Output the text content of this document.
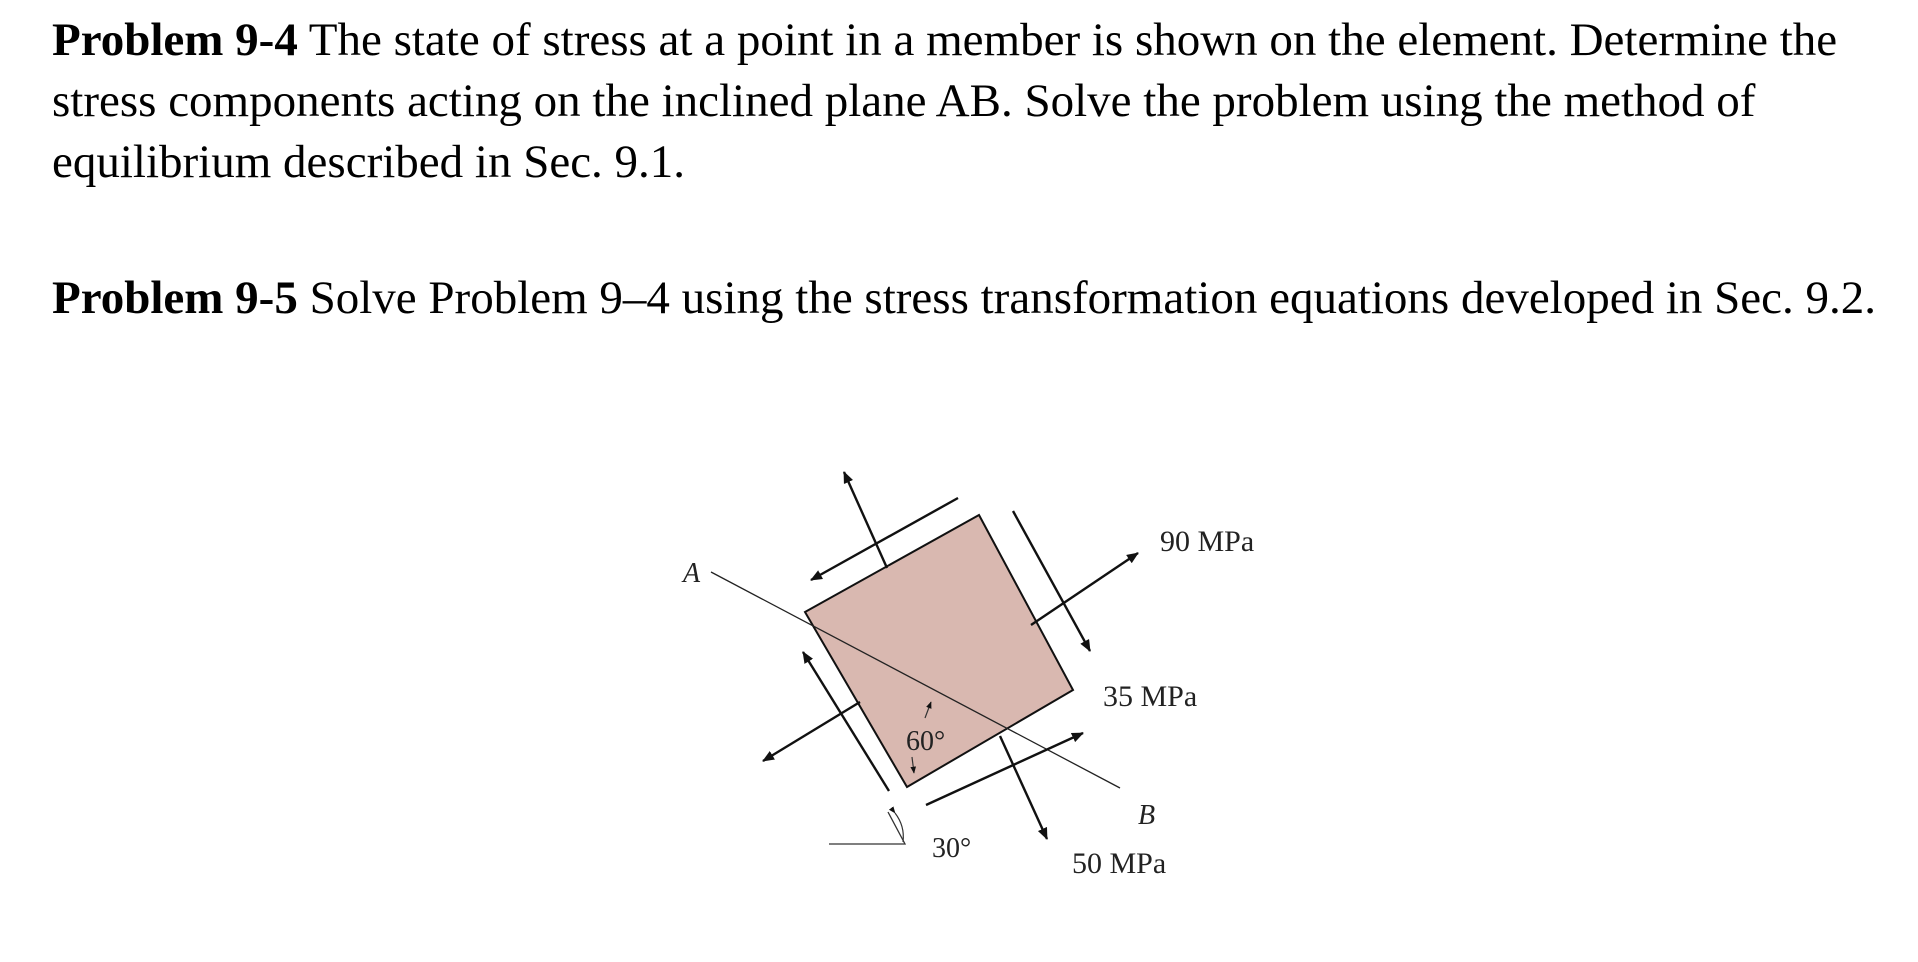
Problem 9-4 The state of stress at a point in a member is shown on the element. Determine the stress components acting on the inclined plane AB. Solve the problem using the method of equilibrium described in Sec. 9.1.

Problem 9-5 Solve Problem 9–4 using the stress transformation equations developed in Sec. 9.2.

A
B
90 MPa
35 MPa
50 MPa
60°
30°
